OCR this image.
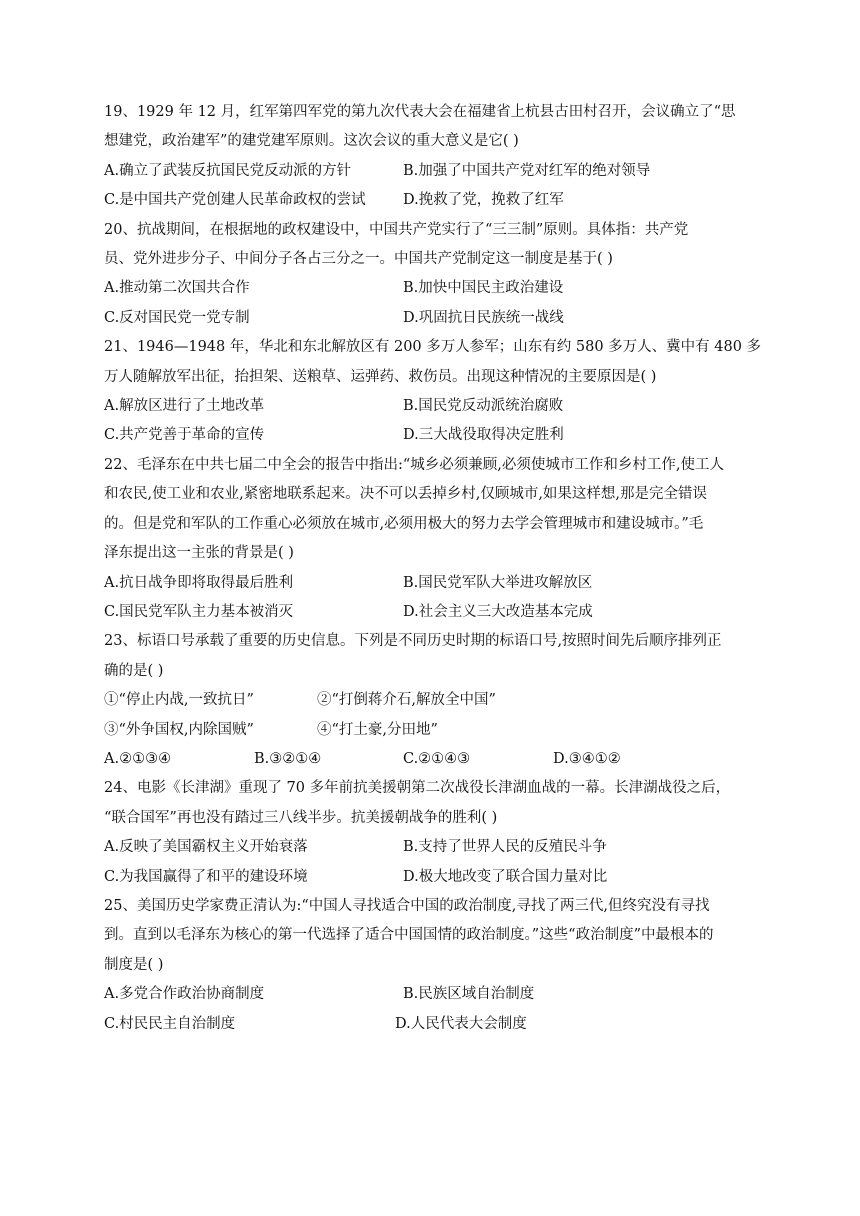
19、1929 年 12 月，红军第四军党的第九次代表大会在福建省上杭县古田村召开，会议确立了“思
想建党，政治建军”的建党建军原则。这次会议的重大意义是它( )
A.确立了武装反抗国民党反动派的方针	B.加强了中国共产党对红军的绝对领导
C.是中国共产党创建人民革命政权的尝试	D.挽救了党，挽救了红军
20、抗战期间，在根据地的政权建设中，中国共产党实行了“三三制”原则。具体指：共产党
员、党外进步分子、中间分子各占三分之一。中国共产党制定这一制度是基于( )
A.推动第二次国共合作	B.加快中国民主政治建设
C.反对国民党一党专制	D.巩固抗日民族统一战线
21、1946—1948 年，华北和东北解放区有 200 多万人参军；山东有约 580 多万人、冀中有 480 多
万人随解放军出征，抬担架、送粮草、运弹药、救伤员。出现这种情况的主要原因是( )
A.解放区进行了土地改革	B.国民党反动派统治腐败
C.共产党善于革命的宣传	D.三大战役取得决定胜利
22、毛泽东在中共七届二中全会的报告中指出:“城乡必须兼顾,必须使城市工作和乡村工作,使工人
和农民,使工业和农业,紧密地联系起来。决不可以丢掉乡村,仅顾城市,如果这样想,那是完全错误
的。但是党和军队的工作重心必须放在城市,必须用极大的努力去学会管理城市和建设城市。”毛
泽东提出这一主张的背景是( )
A.抗日战争即将取得最后胜利	B.国民党军队大举进攻解放区
C.国民党军队主力基本被消灭	D.社会主义三大改造基本完成
23、标语口号承载了重要的历史信息。下列是不同历史时期的标语口号,按照时间先后顺序排列正
确的是( )
①“停止内战,一致抗日”	②“打倒蒋介石,解放全中国”
③“外争国权,内除国贼”	④“打土豪,分田地”
A.②①③④	B.③②①④	C.②①④③	D.③④①②
24、电影《长津湖》重现了 70 多年前抗美援朝第二次战役长津湖血战的一幕。长津湖战役之后，
“联合国军”再也没有踏过三八线半步。抗美援朝战争的胜利( )
A.反映了美国霸权主义开始衰落	B.支持了世界人民的反殖民斗争
C.为我国赢得了和平的建设环境	D.极大地改变了联合国力量对比
25、美国历史学家费正清认为:“中国人寻找适合中国的政治制度,寻找了两三代,但终究没有寻找
到。直到以毛泽东为核心的第一代选择了适合中国国情的政治制度。”这些“政治制度”中最根本的
制度是( )
A.多党合作政治协商制度	B.民族区域自治制度
C.村民民主自治制度	D.人民代表大会制度
